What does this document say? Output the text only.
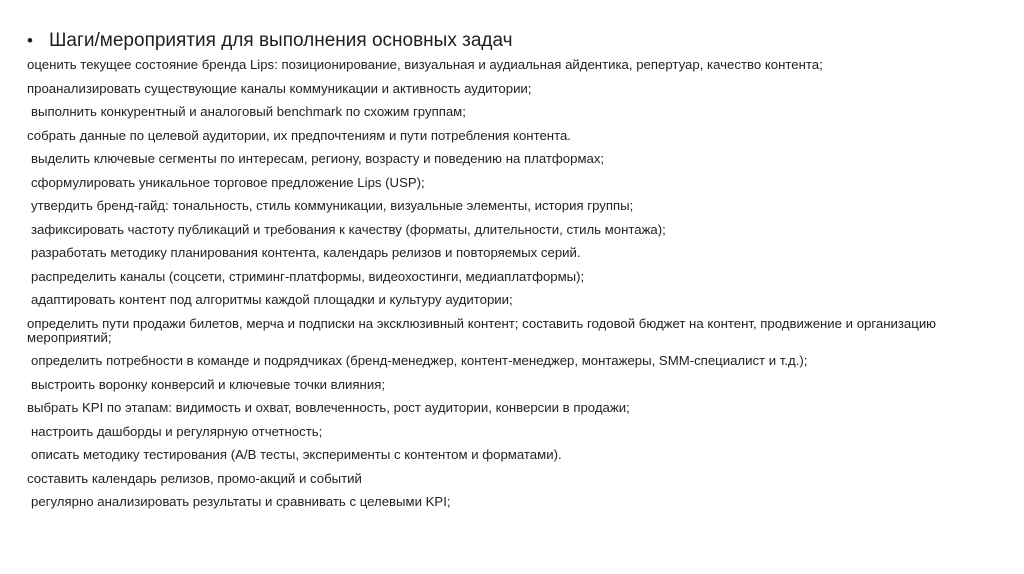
• Шаги/мероприятия для выполнения основных задач
оценить текущее состояние бренда Lips: позиционирование, визуальная и аудиальная айдентика, репертуар, качество контента;
проанализировать существующие каналы коммуникации и активность аудитории;
выполнить конкурентный и аналоговый benchmark по схожим группам;
собрать данные по целевой аудитории, их предпочтениям и пути потребления контента.
выделить ключевые сегменты по интересам, региону, возрасту и поведению на платформах;
сформулировать уникальное торговое предложение Lips (USP);
утвердить бренд-гайд: тональность, стиль коммуникации, визуальные элементы, история группы;
зафиксировать частоту публикаций и требования к качеству (форматы, длительности, стиль монтажа);
разработать методику планирования контента, календарь релизов и повторяемых серий.
распределить каналы (соцсети, стриминг-платформы, видеохостинги, медиаплатформы);
адаптировать контент под алгоритмы каждой площадки и культуру аудитории;
определить пути продажи билетов, мерча и подписки на эксклюзивный контент; составить годовой бюджет на контент, продвижение и организацию мероприятий;
определить потребности в команде и подрядчиках (бренд-менеджер, контент-менеджер, монтажеры, SMM-специалист и т.д.);
выстроить воронку конверсий и ключевые точки влияния;
выбрать KPI по этапам: видимость и охват, вовлеченность, рост аудитории, конверсии в продажи;
настроить дашборды и регулярную отчетность;
описать методику тестирования (A/B тесты, эксперименты с контентом и форматами).
составить календарь релизов, промо-акций и событий
регулярно анализировать результаты и сравнивать с целевыми KPI;
